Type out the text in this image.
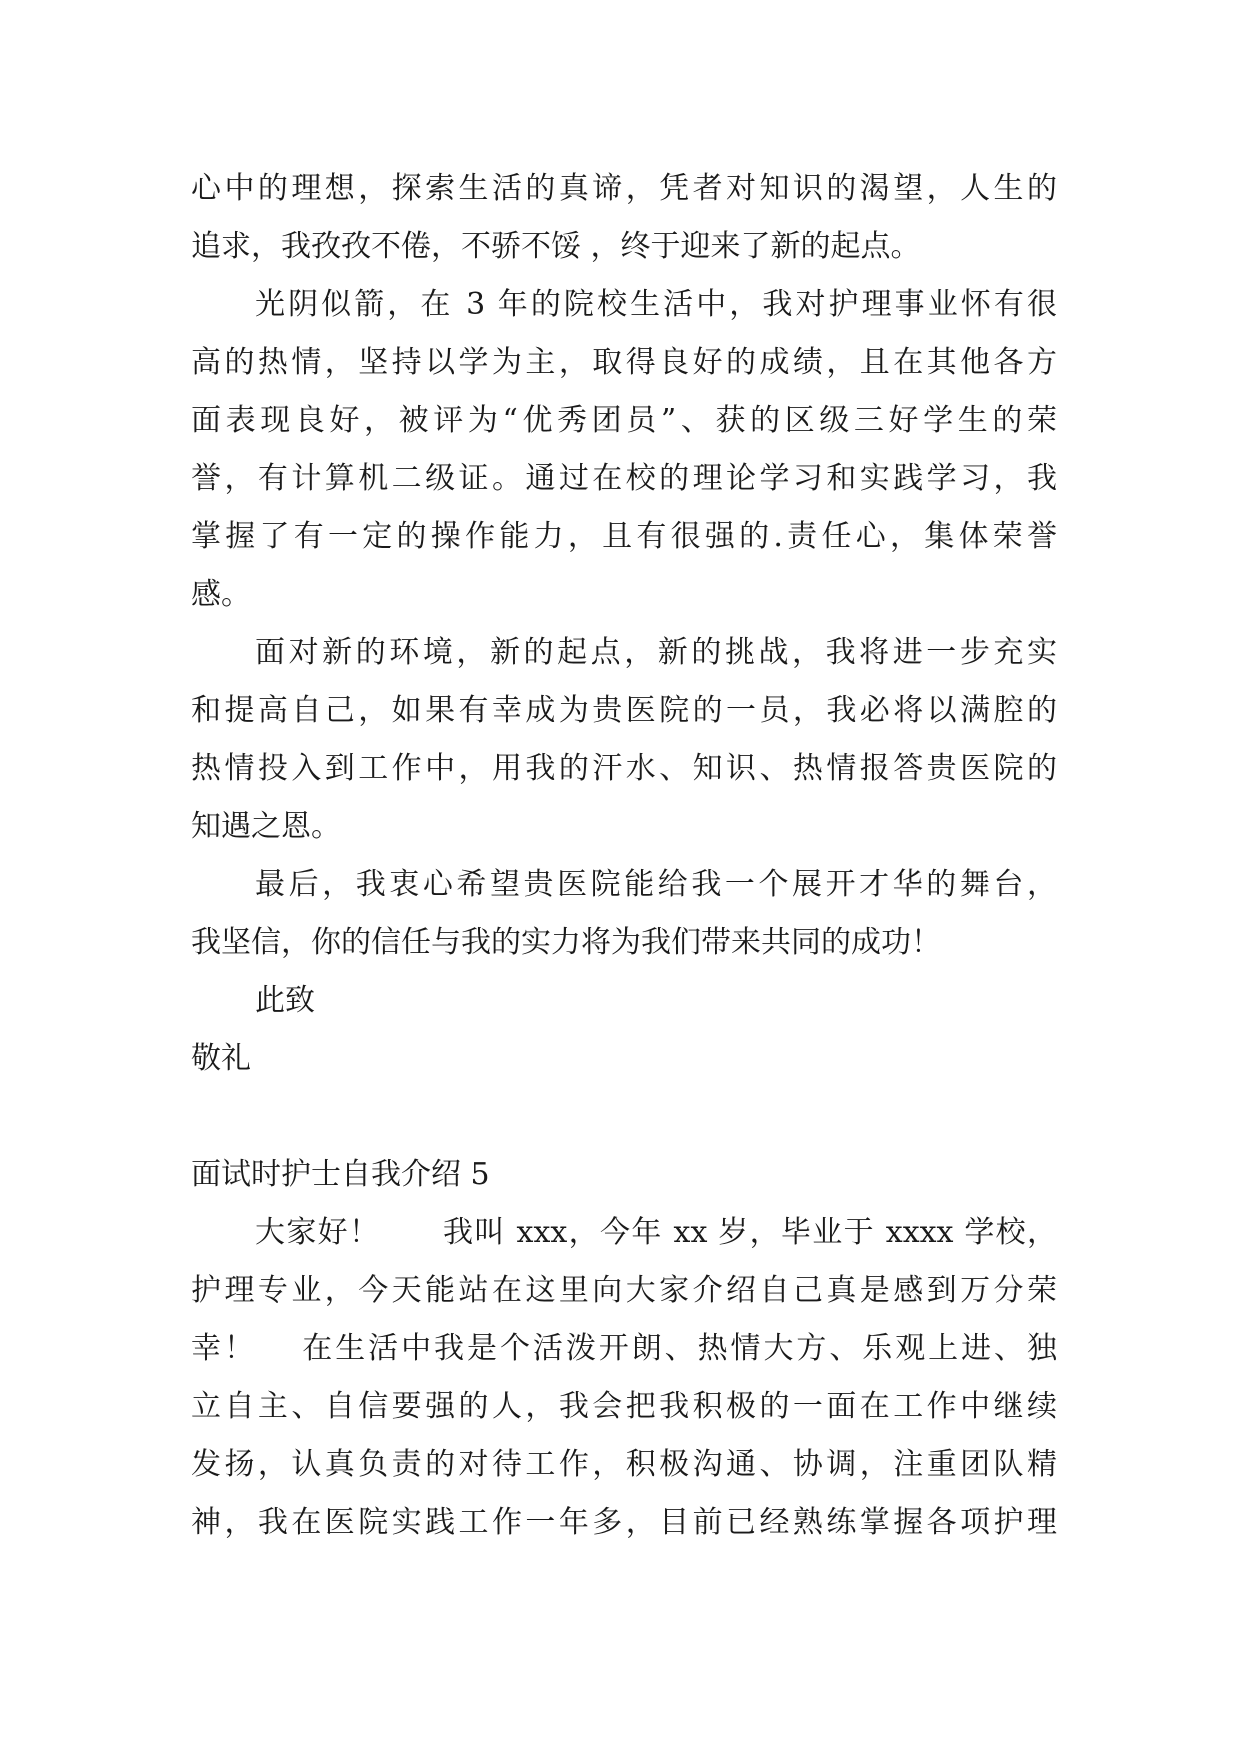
心中的理想，探索生活的真谛，凭者对知识的渴望，人生的
追求，我孜孜不倦，不骄不馁 ，终于迎来了新的起点。
光阴似箭，在 3 年的院校生活中，我对护理事业怀有很
高的热情，坚持以学为主，取得良好的成绩，且在其他各方
面表现良好，被评为“优秀团员”、获的区级三好学生的荣
誉，有计算机二级证。通过在校的理论学习和实践学习，我
掌握了有一定的操作能力，且有很强的.责任心，集体荣誉
感。
面对新的环境，新的起点，新的挑战，我将进一步充实
和提高自己，如果有幸成为贵医院的一员，我必将以满腔的
热情投入到工作中，用我的汗水、知识、热情报答贵医院的
知遇之恩。
最后，我衷心希望贵医院能给我一个展开才华的舞台，
我坚信，你的信任与我的实力将为我们带来共同的成功！
此致
敬礼
面试时护士自我介绍 5
大家好！　　我叫 xxx，今年 xx 岁，毕业于 xxxx 学校，
护理专业，今天能站在这里向大家介绍自己真是感到万分荣
幸！　 在生活中我是个活泼开朗、热情大方、乐观上进、独
立自主、自信要强的人，我会把我积极的一面在工作中继续
发扬，认真负责的对待工作，积极沟通、协调，注重团队精
神，我在医院实践工作一年多，目前已经熟练掌握各项护理
